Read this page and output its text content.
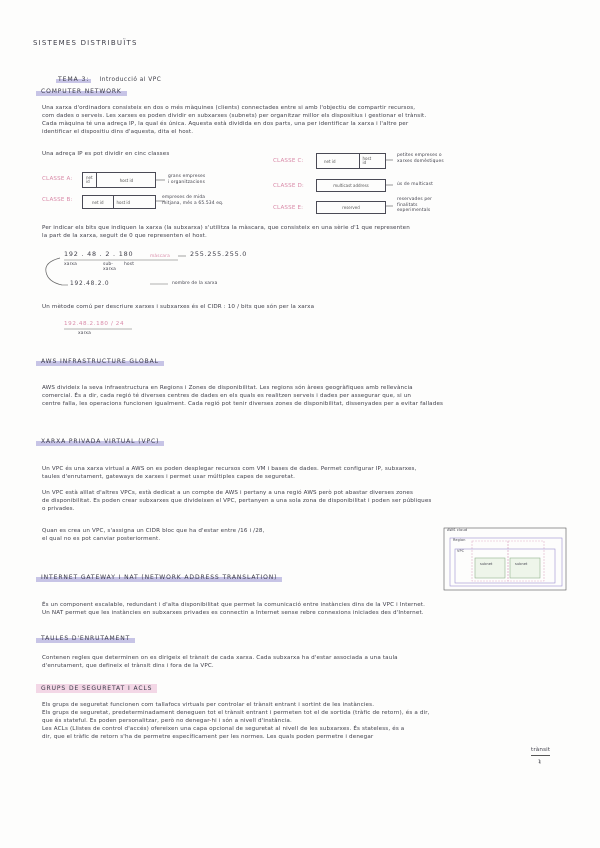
SISTEMES DISTRIBUÏTS
TEMA 3: Introducció al VPC
COMPUTER NETWORK
Una xarxa d'ordinadors consisteix en dos o més màquines (clients) connectades entre si amb l'objectiu de compartir recursos,
com dades o serveis. Les xarxes es poden dividir en subxarxes (subnets) per organitzar millor els dispositius i gestionar el trànsit.
Cada màquina té una adreça IP, la qual és única. Aquesta està dividida en dos parts, una per identificar la xarxa i l'altre per
identificar el dispositiu dins d'aquesta, dita el host.
Una adreça IP es pot dividir en cinc classes
CLASSE A:	net
id	host id
grans empreses
i organitzacions
CLASSE B:	net id	host id
empreses de mida
mitjana, més a 65.534 eq.
CLASSE C:	net id	host
id
petites empreses o
xarxes domèstiques
CLASSE D:	multicast address	ús de multicast
CLASSE E:	reserved
reservades per
finalitats
experimentals
Per indicar els bits que indiquen la xarxa (la subxarxa) s'utilitza la màscara, que consisteix en una sèrie d'1 que representen
la part de la xarxa, seguit de 0 que representen el host.
192 . 48 . 2 . 180
xarxa	sub-
xarxa
host
màscara	255.255.255.0
192.48.2.0	nombre de la xarxa
Un mètode comú per descriure xarxes i subxarxes és el CIDR : 10 / bits que són per la xarxa
192.48.2.180 / 24
xarxa
AWS INFRASTRUCTURE GLOBAL
AWS divideix la seva infraestructura en Regions i Zones de disponibilitat. Les regions són àrees geogràfiques amb rellevància
comercial. És a dir, cada regió té diverses centres de dades en els quals es realitzen serveis i dades per assegurar que, si un
centre falla, les operacions funcionen igualment. Cada regió pot tenir diverses zones de disponibilitat, dissenyades per a evitar fallades
XARXA PRIVADA VIRTUAL (VPC)
Un VPC és una xarxa virtual a AWS on es poden desplegar recursos com VM i bases de dades. Permet configurar IP, subxarxes,
taules d'enrutament, gateways de xarxes i permet usar múltiples capes de seguretat.
Un VPC està aïllat d'altres VPCs, està dedicat a un compte de AWS i pertany a una regió AWS però pot abastar diverses zones
de disponibilitat. Es poden crear subxarxes que divideixen el VPC, pertanyen a una sola zona de disponibilitat i poden ser públiques
o privades.
Quan es crea un VPC, s'assigna un CIDR bloc que ha d'estar entre /16 i /28,
el qual no es pot canviar posteriorment.
AWS cloud
Region
VPC
subnet	subnet
INTERNET GATEWAY I NAT (NETWORK ADDRESS TRANSLATION)
És un component escalable, redundant i d'alta disponibilitat que permet la comunicació entre instàncies dins de la VPC i Internet.
Un NAT permet que les instàncies en subxarxes privades es connectin a Internet sense rebre connexions iniciades des d'Internet.
TAULES D'ENRUTAMENT
Contenen regles que determinen on es dirigeix el trànsit de cada xarxa. Cada subxarxa ha d'estar associada a una taula
d'enrutament, que defineix el trànsit dins i fora de la VPC.
GRUPS DE SEGURETAT I ACLS
Els grups de seguretat funcionen com tallafocs virtuals per controlar el trànsit entrant i sortint de les instàncies.
Els grups de seguretat, predeterminadament deneguen tot el trànsit entrant i permeten tot el de sortida (tràfic de retorn), és a dir,
que és stateful. Es poden personalitzar, però no denegar-hi i són a nivell d'instància.
Les ACLs (Llistes de control d'accés) ofereixen una capa opcional de seguretat al nivell de les subxarxes. És stateless, és a
dir, que el tràfic de retorn s'ha de permetre específicament per les normes. Les quals poden permetre i denegar
trànsit
1
